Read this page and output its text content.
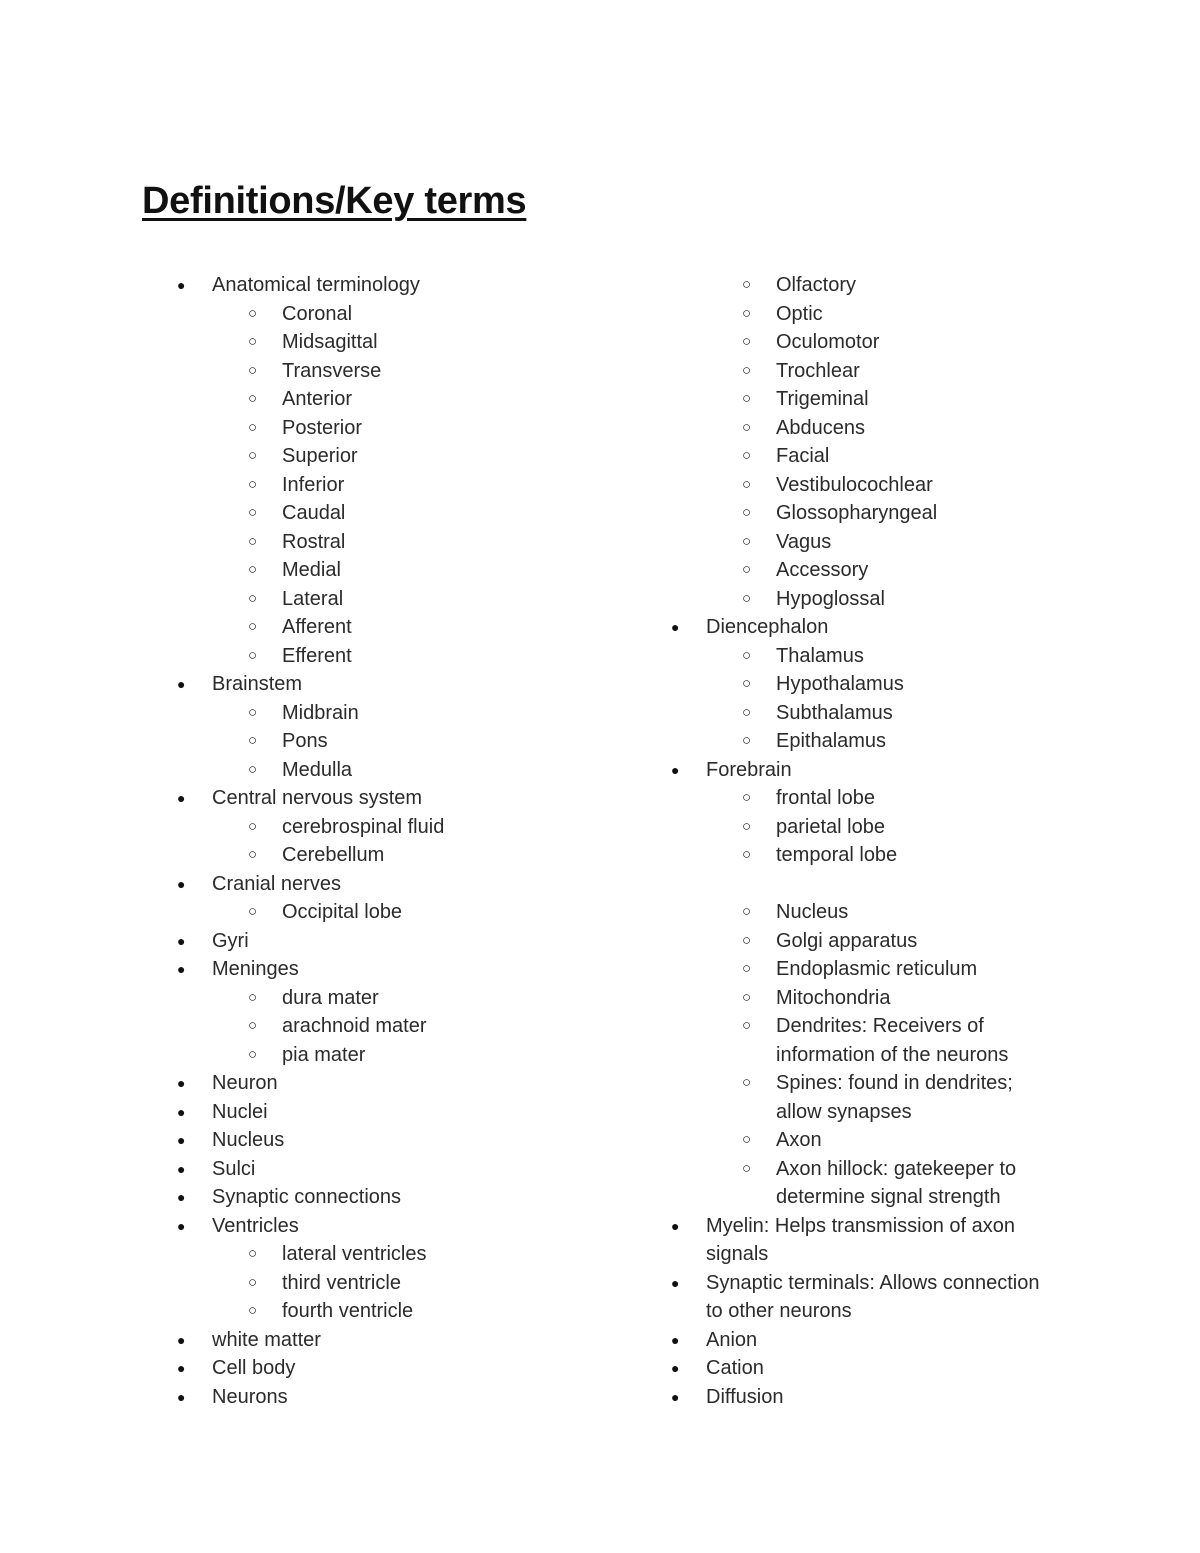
Definitions/Key terms
● Anatomical terminology
○ Coronal
○ Midsagittal
○ Transverse
○ Anterior
○ Posterior
○ Superior
○ Inferior
○ Caudal
○ Rostral
○ Medial
○ Lateral
○ Afferent
○ Efferent
● Brainstem
○ Midbrain
○ Pons
○ Medulla
● Central nervous system
○ cerebrospinal fluid
○ Cerebellum
● Cranial nerves
○ Occipital lobe
● Gyri
● Meninges
○ dura mater
○ arachnoid mater
○ pia mater
● Neuron
● Nuclei
● Nucleus
● Sulci
● Synaptic connections
● Ventricles
○ lateral ventricles
○ third ventricle
○ fourth ventricle
● white matter
● Cell body
● Neurons
○ Olfactory
○ Optic
○ Oculomotor
○ Trochlear
○ Trigeminal
○ Abducens
○ Facial
○ Vestibulocochlear
○ Glossopharyngeal
○ Vagus
○ Accessory
○ Hypoglossal
● Diencephalon
○ Thalamus
○ Hypothalamus
○ Subthalamus
○ Epithalamus
● Forebrain
○ frontal lobe
○ parietal lobe
○ temporal lobe
○ Nucleus
○ Golgi apparatus
○ Endoplasmic reticulum
○ Mitochondria
○ Dendrites: Receivers of information of the neurons
○ Spines: found in dendrites; allow synapses
○ Axon
○ Axon hillock: gatekeeper to determine signal strength
● Myelin: Helps transmission of axon signals
● Synaptic terminals: Allows connection to other neurons
● Anion
● Cation
● Diffusion
